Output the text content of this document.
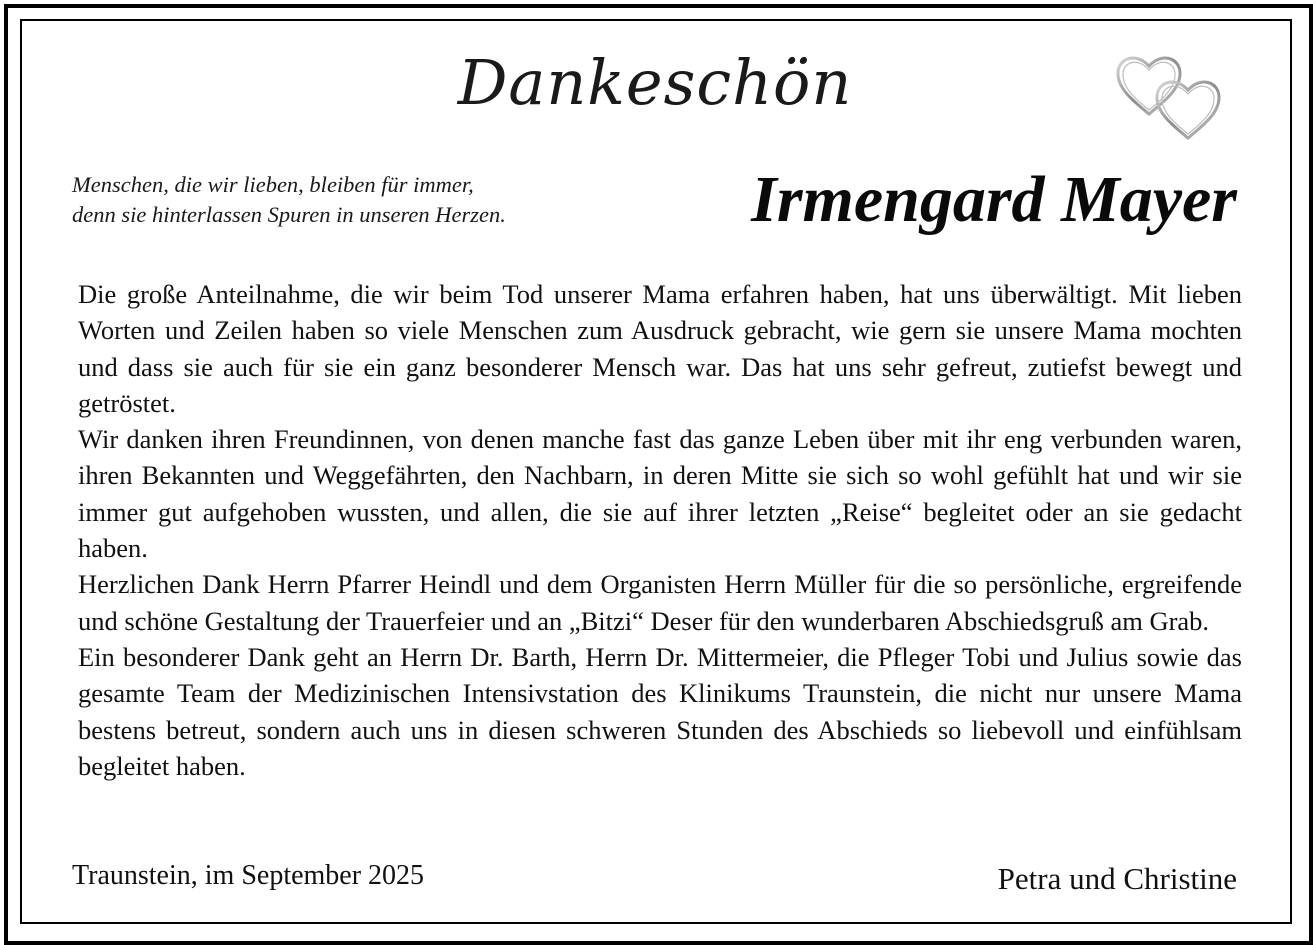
Dankeschön
Menschen, die wir lieben, bleiben für immer,
denn sie hinterlassen Spuren in unseren Herzen.	Irmengard Mayer

Die große Anteilnahme, die wir beim Tod unserer Mama erfahren haben, hat uns überwältigt. Mit lieben Worten und Zeilen haben so viele Menschen zum Ausdruck gebracht, wie gern sie unsere Mama mochten und dass sie auch für sie ein ganz besonderer Mensch war. Das hat uns sehr gefreut, zutiefst bewegt und getröstet.

Wir danken ihren Freundinnen, von denen manche fast das ganze Leben über mit ihr eng verbunden waren, ihren Bekannten und Weggefährten, den Nachbarn, in deren Mitte sie sich so wohl gefühlt hat und wir sie immer gut aufgehoben wussten, und allen, die sie auf ihrer letzten „Reise“ begleitet oder an sie gedacht haben.

Herzlichen Dank Herrn Pfarrer Heindl und dem Organisten Herrn Müller für die so persönliche, ergreifende und schöne Gestaltung der Trauerfeier und an „Bitzi“ Deser für den wunderbaren Abschiedsgruß am Grab.

Ein besonderer Dank geht an Herrn Dr. Barth, Herrn Dr. Mittermeier, die Pfleger Tobi und Julius sowie das gesamte Team der Medizinischen Intensivstation des Klinikums Traunstein, die nicht nur unsere Mama bestens betreut, sondern auch uns in diesen schweren Stunden des Abschieds so liebevoll und einfühlsam begleitet haben.

Traunstein, im September 2025	Petra und Christine
